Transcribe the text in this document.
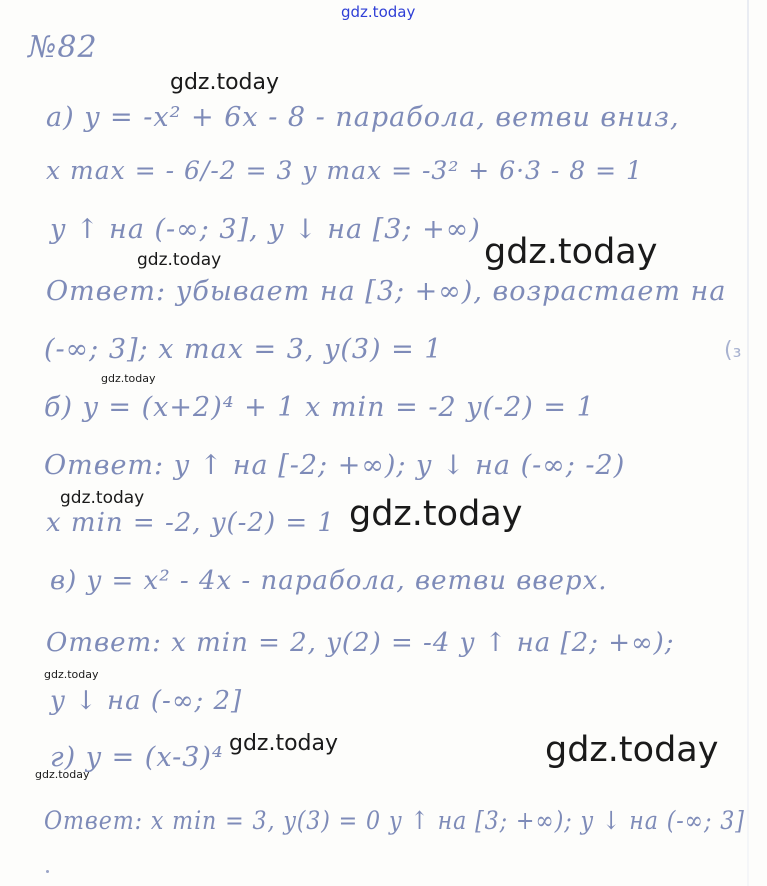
gdz.today
№82
а) y = -x² + 6x - 8 - парабола, ветви вниз,
x max = - 6/-2 = 3 y max = -3² + 6·3 - 8 = 1
y ↑ на (-∞; 3], y ↓ на [3; +∞)
Ответ: убывает на [3; +∞), возрастает на
(-∞; 3]; x max = 3, y(3) = 1
б) y = (x+2)⁴ + 1 x min = -2 y(-2) = 1
Ответ: y ↑ на [-2; +∞); y ↓ на (-∞; -2)
x min = -2, y(-2) = 1
в) y = x² - 4x - парабола, ветви вверх.
Ответ: x min = 2, y(2) = -4 y ↑ на [2; +∞);
y ↓ на (-∞; 2]
г) y = (x-3)⁴
Ответ: x min = 3, y(3) = 0 y ↑ на [3; +∞); y ↓ на (-∞; 3]
(₃
gdz.today
gdz.today
gdz.today
gdz.today
gdz.today	gdz.today
gdz.today
gdz.today	gdz.today
gdz.today
